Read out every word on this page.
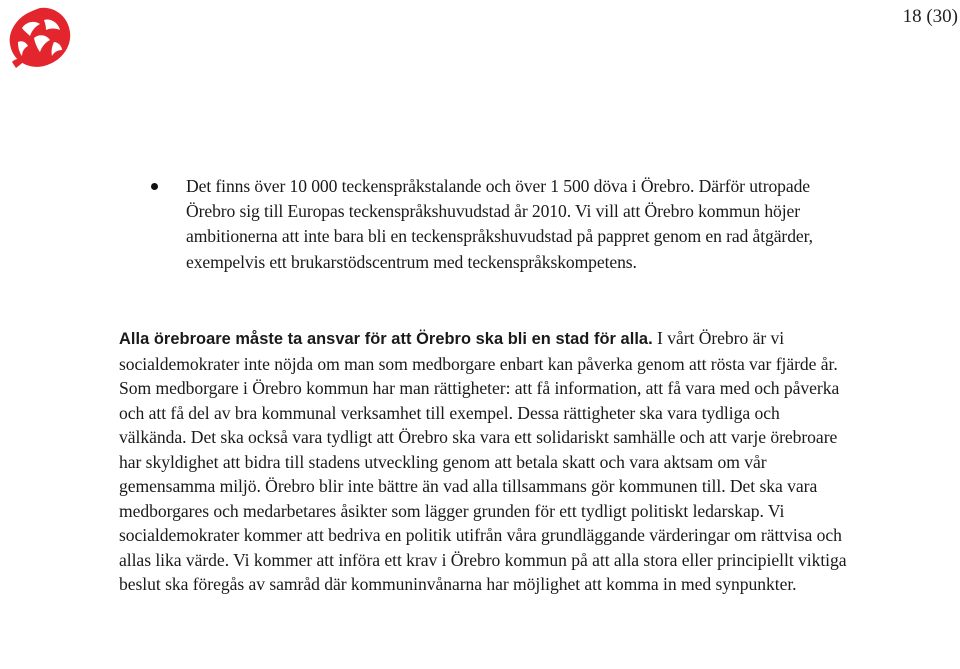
18 (30)
Det finns över 10 000 teckenspråkstalande och över 1 500 döva i Örebro. Därför utropade Örebro sig till Europas teckenspråkshuvudstad år 2010. Vi vill att Örebro kommun höjer ambitionerna att inte bara bli en teckenspråkshuvudstad på pappret genom en rad åtgärder, exempelvis ett brukarstödscentrum med teckenspråkskompetens.
Alla örebroare måste ta ansvar för att Örebro ska bli en stad för alla. I vårt Örebro är vi socialdemokrater inte nöjda om man som medborgare enbart kan påverka genom att rösta var fjärde år. Som medborgare i Örebro kommun har man rättigheter: att få information, att få vara med och påverka och att få del av bra kommunal verksamhet till exempel. Dessa rättigheter ska vara tydliga och välkända. Det ska också vara tydligt att Örebro ska vara ett solidariskt samhälle och att varje örebroare har skyldighet att bidra till stadens utveckling genom att betala skatt och vara aktsam om vår gemensamma miljö. Örebro blir inte bättre än vad alla tillsammans gör kommunen till. Det ska vara medborgares och medarbetares åsikter som lägger grunden för ett tydligt politiskt ledarskap. Vi socialdemokrater kommer att bedriva en politik utifrån våra grundläggande värderingar om rättvisa och allas lika värde. Vi kommer att införa ett krav i Örebro kommun på att alla stora eller principiellt viktiga beslut ska föregås av samråd där kommuninvånarna har möjlighet att komma in med synpunkter.
